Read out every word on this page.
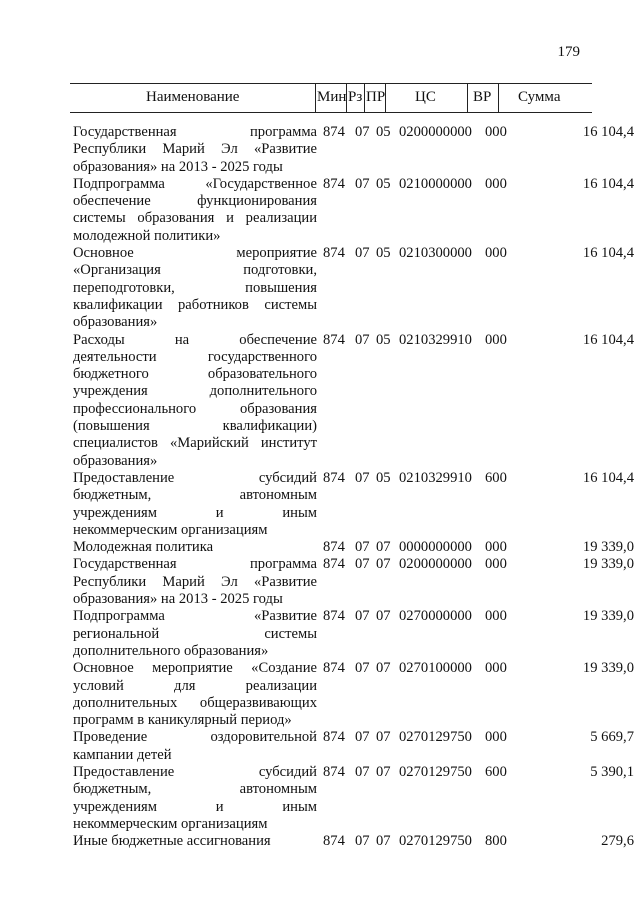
179
Наименование	Мин Рз ПР ЦС ВР Сумма
Государственная программа
Республики Марий Эл «Развитие
образования» на 2013 - 2025 годы
874 07 05 0200000000 000	16 104,4
Подпрограмма «Государственное
обеспечение функционирования
системы образования и реализации
молодежной политики»
874 07 05 0210000000 000	16 104,4
Основное мероприятие
«Организация подготовки,
переподготовки, повышения
квалификации работников системы
образования»
874 07 05 0210300000 000	16 104,4
Расходы на обеспечение
деятельности государственного
бюджетного образовательного
учреждения дополнительного
профессионального образования
(повышения квалификации)
специалистов «Марийский институт
образования»
874 07 05 0210329910 000	16 104,4
Предоставление субсидий
бюджетным, автономным
учреждениям и иным
некоммерческим организациям
874 07 05 0210329910 600	16 104,4
Молодежная политика	874 07 07 0000000000 000	19 339,0
Государственная программа
Республики Марий Эл «Развитие
образования» на 2013 - 2025 годы
874 07 07 0200000000 000	19 339,0
Подпрограмма «Развитие
региональной системы
дополнительного образования»
874 07 07 0270000000 000	19 339,0
Основное мероприятие «Создание
условий для реализации
дополнительных общеразвивающих
программ в каникулярный период»
874 07 07 0270100000 000	19 339,0
Проведение оздоровительной
кампании детей
874 07 07 0270129750 000	5 669,7
Предоставление субсидий
бюджетным, автономным
учреждениям и иным
некоммерческим организациям
874 07 07 0270129750 600	5 390,1
Иные бюджетные ассигнования	874 07 07 0270129750 800	279,6
